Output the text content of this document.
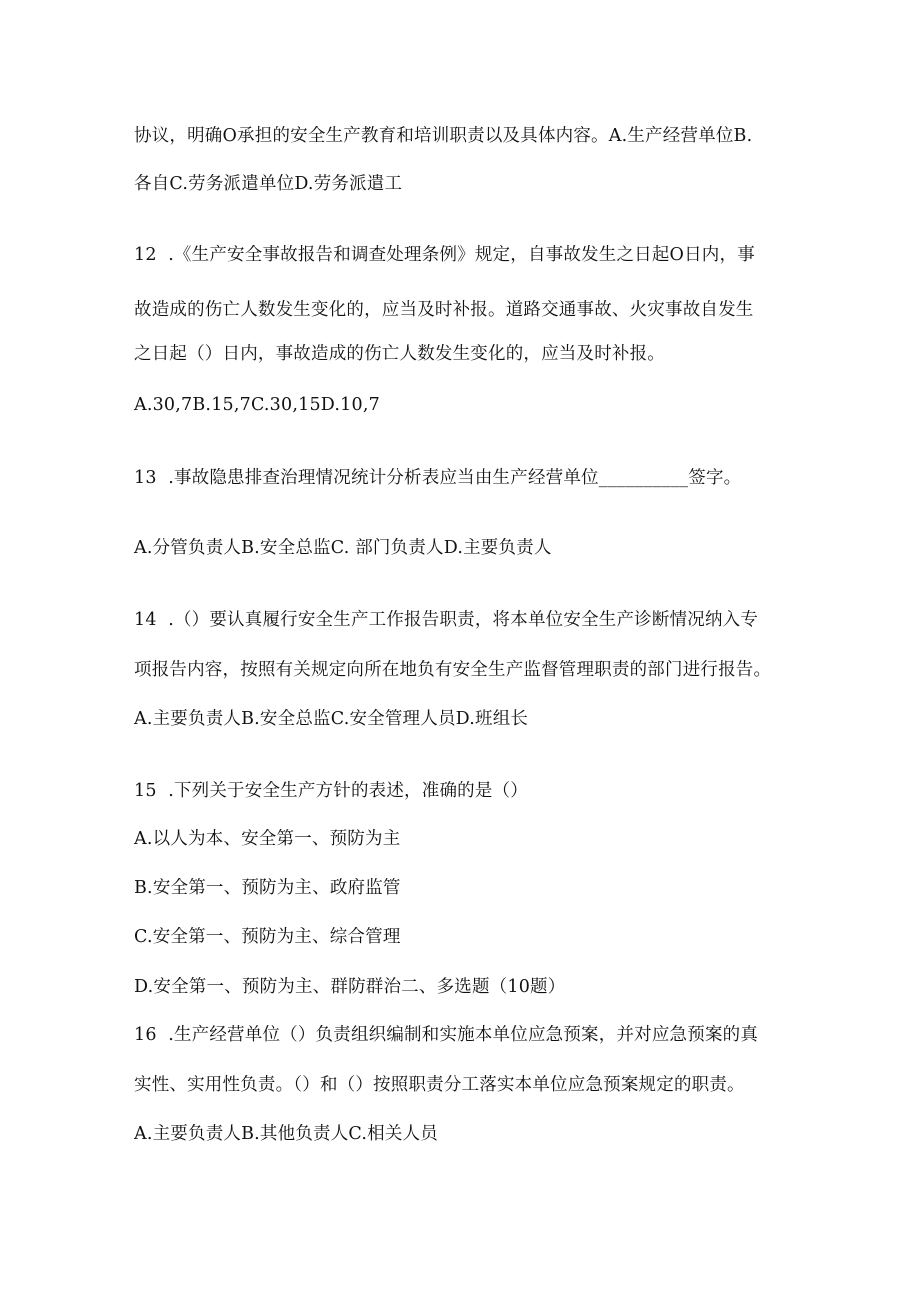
协议，明确O承担的安全生产教育和培训职责以及具体内容。A.生产经营单位B.
各自C.劳务派遣单位D.劳务派遣工
12  .《生产安全事故报告和调查处理条例》规定，自事故发生之日起O日内，事
故造成的伤亡人数发生变化的，应当及时补报。道路交通事故、火灾事故自发生
之日起（）日内，事故造成的伤亡人数发生变化的，应当及时补报。
A.30,7B.15,7C.30,15D.10,7
13  .事故隐患排查治理情况统计分析表应当由生产经营单位__________签字。
A.分管负责人B.安全总监C. 部门负责人D.主要负责人
14  .（）要认真履行安全生产工作报告职责，将本单位安全生产诊断情况纳入专
项报告内容，按照有关规定向所在地负有安全生产监督管理职责的部门进行报告。
A.主要负责人B.安全总监C.安全管理人员D.班组长
15  .下列关于安全生产方针的表述，准确的是（）
A.以人为本、安全第一、预防为主
B.安全第一、预防为主、政府监管
C.安全第一、预防为主、综合管理
D.安全第一、预防为主、群防群治二、多选题（10题）
16  .生产经营单位（）负责组织编制和实施本单位应急预案，并对应急预案的真
实性、实用性负责。（）和（）按照职责分工落实本单位应急预案规定的职责。
A.主要负责人B.其他负责人C.相关人员
